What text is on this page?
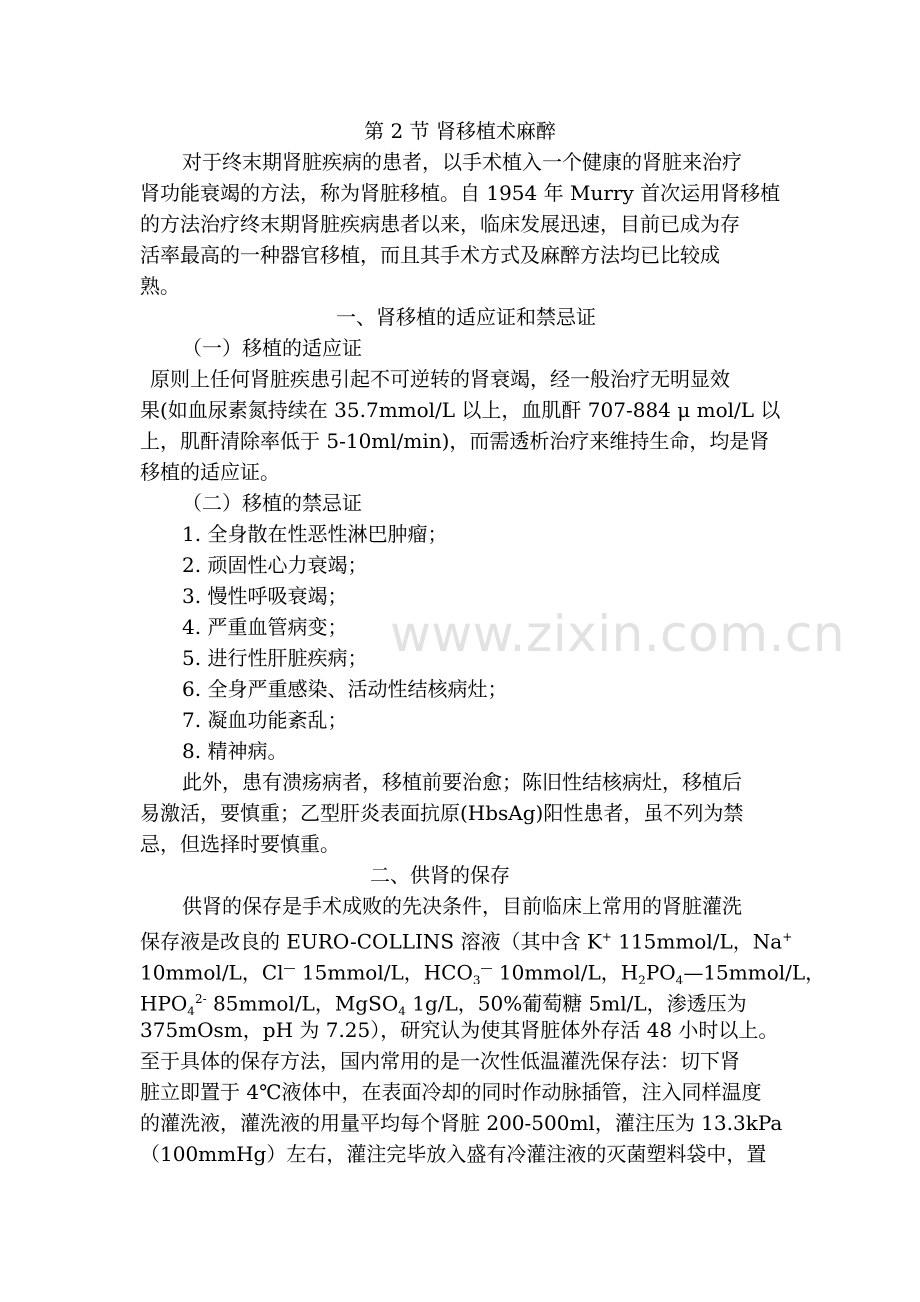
www.zixin.com.cn
第 2 节 肾移植术麻醉
对于终末期肾脏疾病的患者，以手术植入一个健康的肾脏来治疗
肾功能衰竭的方法，称为肾脏移植。自 1954 年 Murry 首次运用肾移植
的方法治疗终末期肾脏疾病患者以来，临床发展迅速，目前已成为存
活率最高的一种器官移植，而且其手术方式及麻醉方法均已比较成
熟。
一、肾移植的适应证和禁忌证
（一）移植的适应证
原则上任何肾脏疾患引起不可逆转的肾衰竭，经一般治疗无明显效
果(如血尿素氮持续在 35.7mmol/L 以上，血肌酐 707-884 μ mol/L 以
上，肌酐清除率低于 5-10ml/min)，而需透析治疗来维持生命，均是肾
移植的适应证。
（二）移植的禁忌证
1. 全身散在性恶性淋巴肿瘤；
2. 顽固性心力衰竭；
3. 慢性呼吸衰竭；
4. 严重血管病变；
5. 进行性肝脏疾病；
6. 全身严重感染、活动性结核病灶；
7. 凝血功能紊乱；
8. 精神病。
此外，患有溃疡病者，移植前要治愈；陈旧性结核病灶，移植后
易激活，要慎重；乙型肝炎表面抗原(HbsAg)阳性患者，虽不列为禁
忌，但选择时要慎重。
二、供肾的保存
供肾的保存是手术成败的先决条件，目前临床上常用的肾脏灌洗
保存液是改良的 EURO-COLLINS 溶液（其中含 K+ 115mmol/L，Na+
10mmol/L，Cl— 15mmol/L，$HCO_3^—$ 10mmol/L，$H_2PO_4—15mmol/L$，
$HPO_4^{2-}$ 85mmol/L，MgSO$_4$ 1g/L，50%葡萄糖 5ml/L，渗透压为
375mOsm，pH 为 7.25），研究认为使其肾脏体外存活 48 小时以上。
至于具体的保存方法，国内常用的是一次性低温灌洗保存法：切下肾
脏立即置于 4℃液体中，在表面冷却的同时作动脉插管，注入同样温度
的灌洗液，灌洗液的用量平均每个肾脏 200-500ml，灌注压为 13.3kPa
（100mmHg）左右，灌注完毕放入盛有冷灌注液的灭菌塑料袋中，置
